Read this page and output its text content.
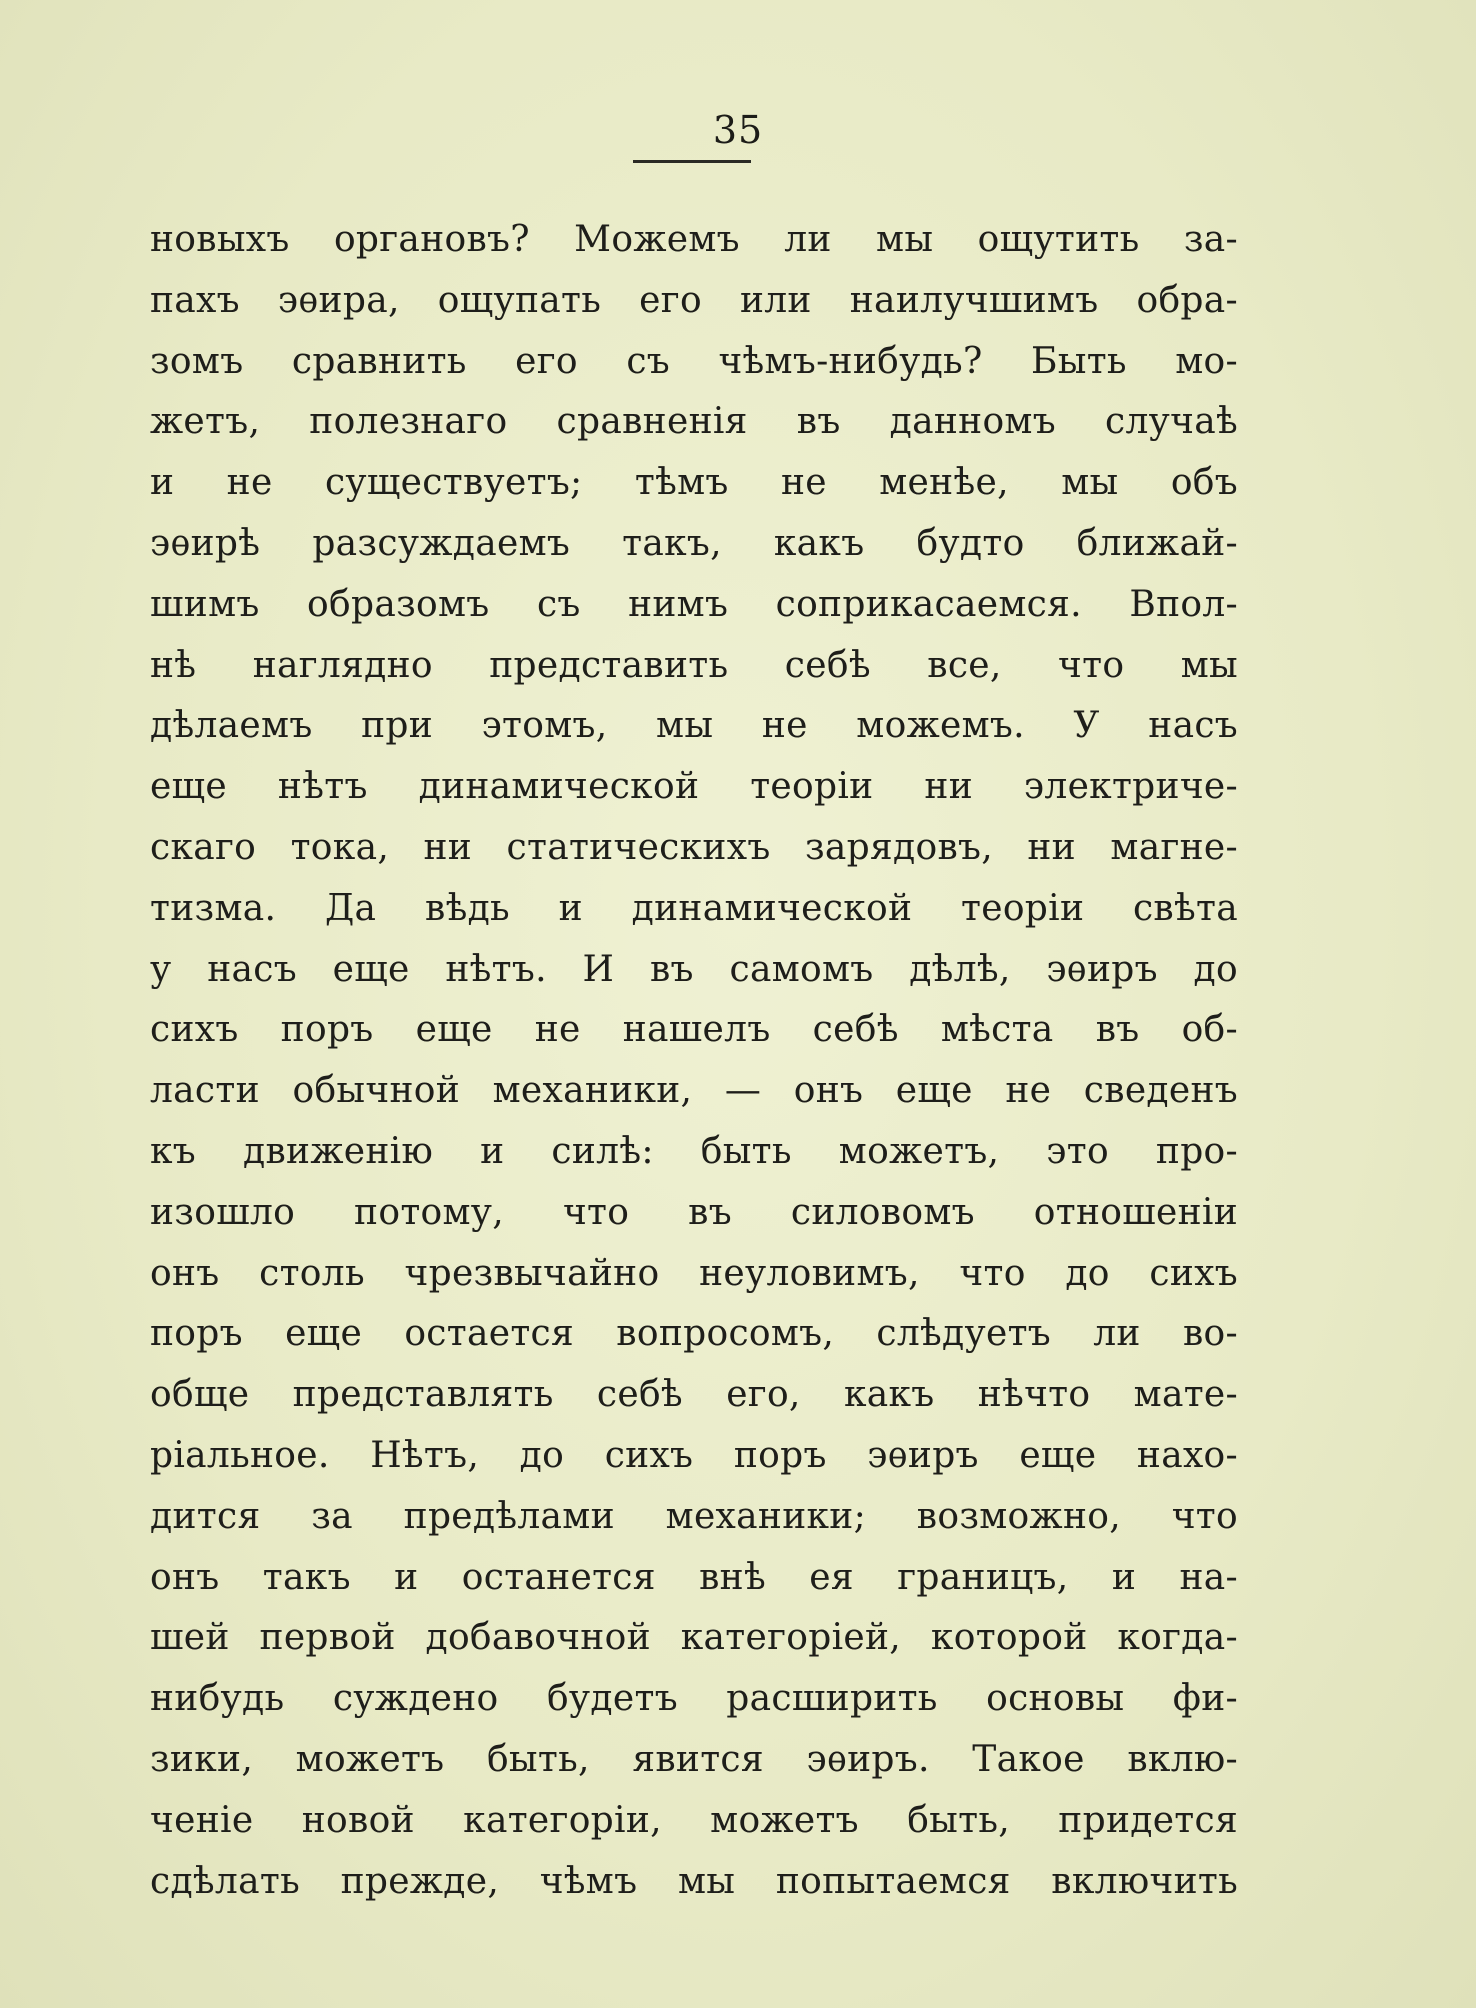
35
новыхъ органовъ? Можемъ ли мы ощутить за-
пахъ эѳира, ощупать его или наилучшимъ обра-
зомъ сравнить его съ чѣмъ-нибудь? Быть мо-
жетъ, полезнаго сравненія въ данномъ случаѣ
и не существуетъ; тѣмъ не менѣе, мы объ
эѳирѣ разсуждаемъ такъ, какъ будто ближай-
шимъ образомъ съ нимъ соприкасаемся. Впол-
нѣ наглядно представить себѣ все, что мы
дѣлаемъ при этомъ, мы не можемъ. У насъ
еще нѣтъ динамической теоріи ни электриче-
скаго тока, ни статическихъ зарядовъ, ни магне-
тизма. Да вѣдь и динамической теоріи свѣта
у насъ еще нѣтъ. И въ самомъ дѣлѣ, эѳиръ до
сихъ поръ еще не нашелъ себѣ мѣста въ об-
ласти обычной механики, — онъ еще не сведенъ
къ движенію и силѣ: быть можетъ, это про-
изошло потому, что въ силовомъ отношеніи
онъ столь чрезвычайно неуловимъ, что до сихъ
поръ еще остается вопросомъ, слѣдуетъ ли во-
обще представлять себѣ его, какъ нѣчто мате-
ріальное. Нѣтъ, до сихъ поръ эѳиръ еще нахо-
дится за предѣлами механики; возможно, что
онъ такъ и останется внѣ ея границъ, и на-
шей первой добавочной категоріей, которой когда-
нибудь суждено будетъ расширить основы фи-
зики, можетъ быть, явится эѳиръ. Такое вклю-
ченіе новой категоріи, можетъ быть, придется
сдѣлать прежде, чѣмъ мы попытаемся включить
